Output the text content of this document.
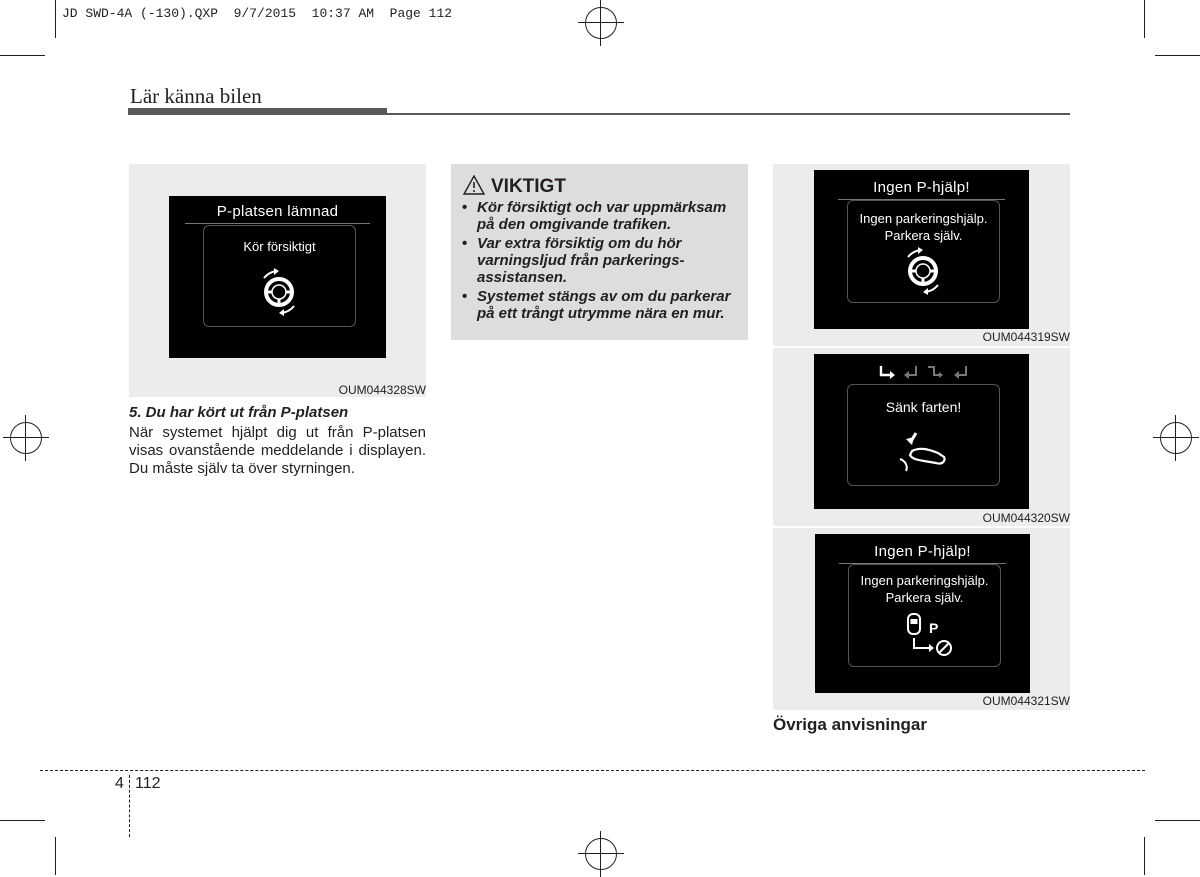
JD SWD-4A (-130).QXP  9/7/2015  10:37 AM  Page 112
Lär känna bilen
P-platsen lämnad
Kör försiktigt
OUM044328SW
5. Du har kört ut från P-platsen
När systemet hjälpt dig ut från P-platsen visas ovanstående meddelande i displayen. Du måste själv ta över styrningen.
VIKTIGT
• Kör försiktigt och var uppmärksam på den omgivande trafiken.
• Var extra försiktig om du hör varningsljud från parkerings- assistansen.
• Systemet stängs av om du parkerar på ett trångt utrymme nära en mur.
Ingen P-hjälp!
Ingen parkeringshjälp.
Parkera själv.
OUM044319SW
Sänk farten!
OUM044320SW
Ingen P-hjälp!
Ingen parkeringshjälp.
Parkera själv.
P
OUM044321SW
Övriga anvisningar
4 112
